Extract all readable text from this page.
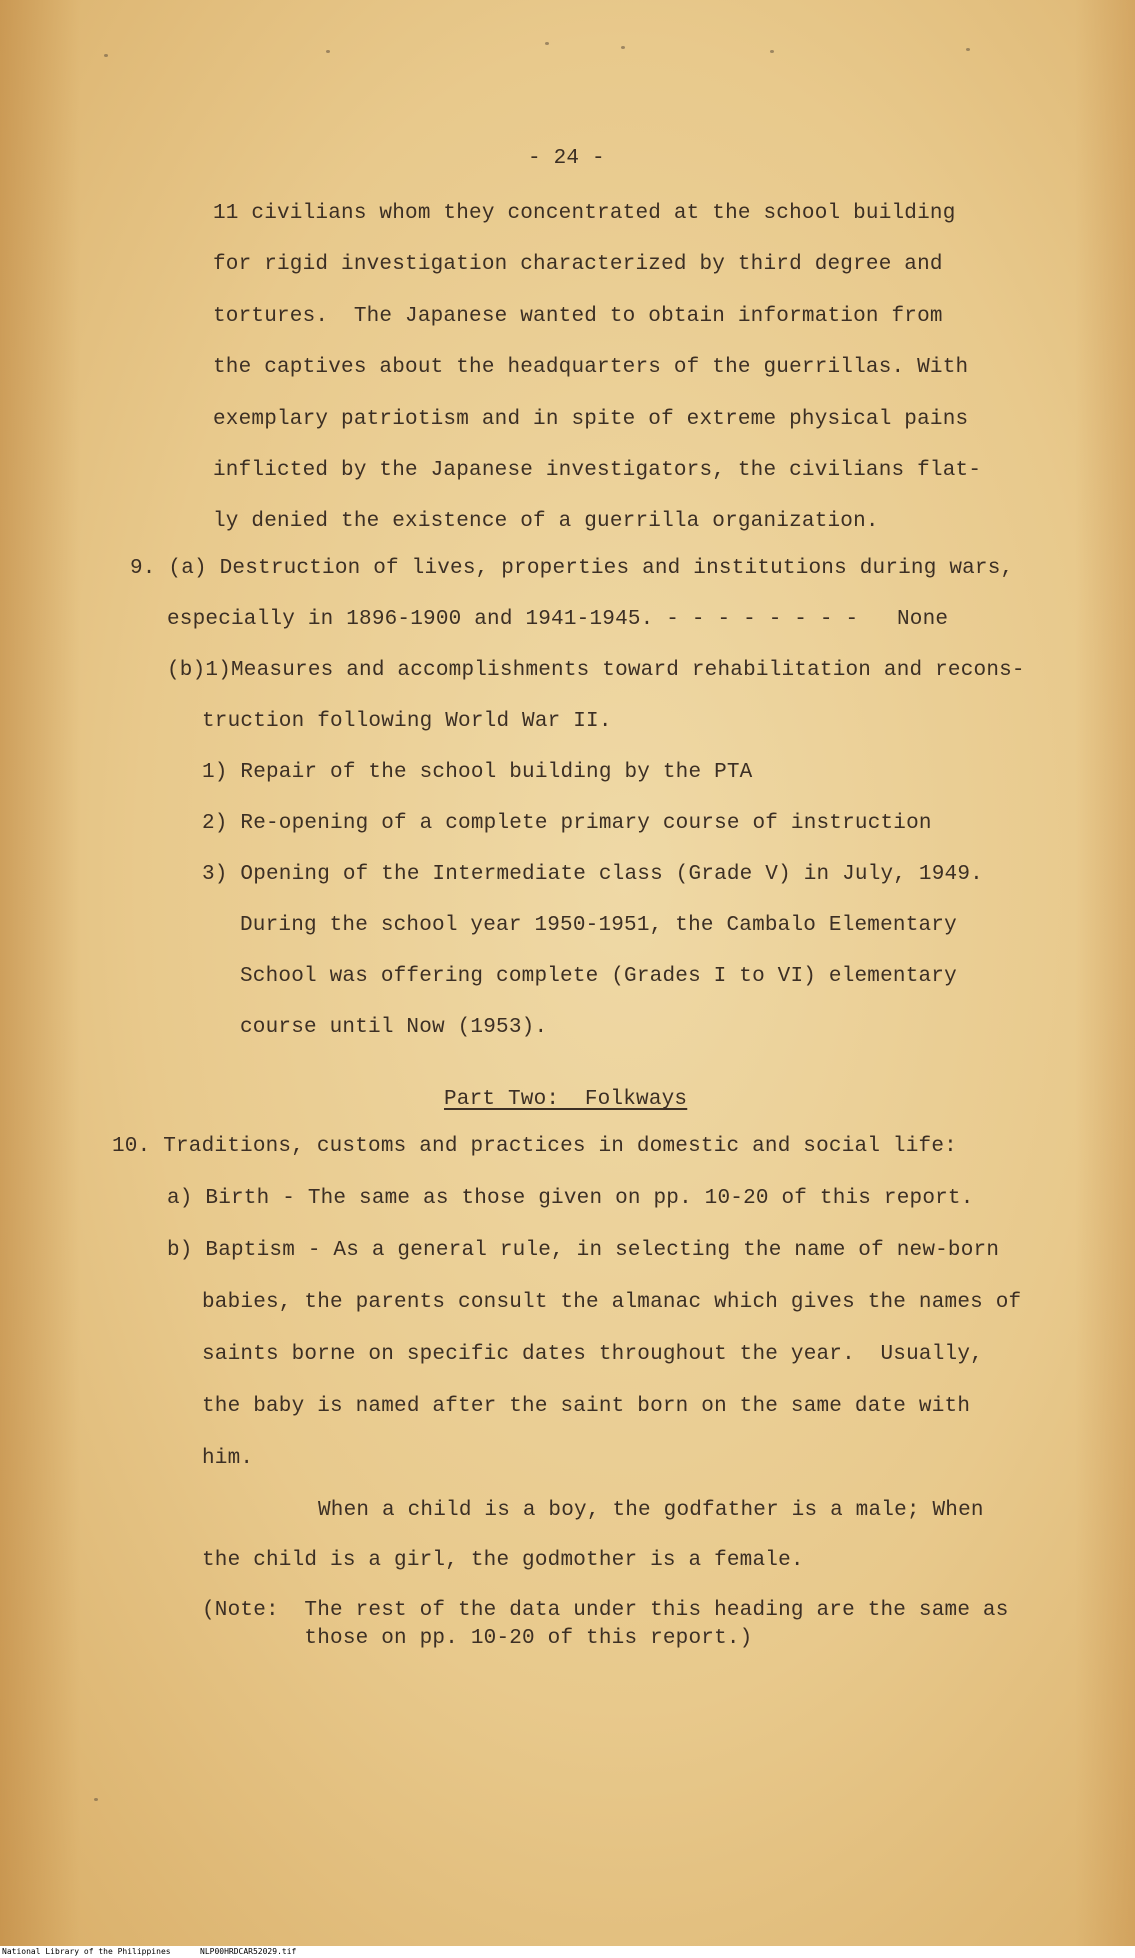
- 24 -
11 civilians whom they concentrated at the school building
for rigid investigation characterized by third degree and
tortures.  The Japanese wanted to obtain information from
the captives about the headquarters of the guerrillas. With
exemplary patriotism and in spite of extreme physical pains
inflicted by the Japanese investigators, the civilians flat-
ly denied the existence of a guerrilla organization.
9. (a) Destruction of lives, properties and institutions during wars,
especially in 1896-1900 and 1941-1945. - - - - - - - - None
(b)1)Measures and accomplishments toward rehabilitation and recons-
truction following World War II.
1) Repair of the school building by the PTA
2) Re-opening of a complete primary course of instruction
3) Opening of the Intermediate class (Grade V) in July, 1949.
During the school year 1950-1951, the Cambalo Elementary
School was offering complete (Grades I to VI) elementary
course until Now (1953).
Part Two:  Folkways
10. Traditions, customs and practices in domestic and social life:
a) Birth - The same as those given on pp. 10-20 of this report.
b) Baptism - As a general rule, in selecting the name of new-born
babies, the parents consult the almanac which gives the names of
saints borne on specific dates throughout the year.  Usually,
the baby is named after the saint born on the same date with
him.
When a child is a boy, the godfather is a male; When
the child is a girl, the godmother is a female.
(Note:  The rest of the data under this heading are the same as
those on pp. 10-20 of this report.)
National Library of the Philippines	NLP00HRDCAR52029.tif
